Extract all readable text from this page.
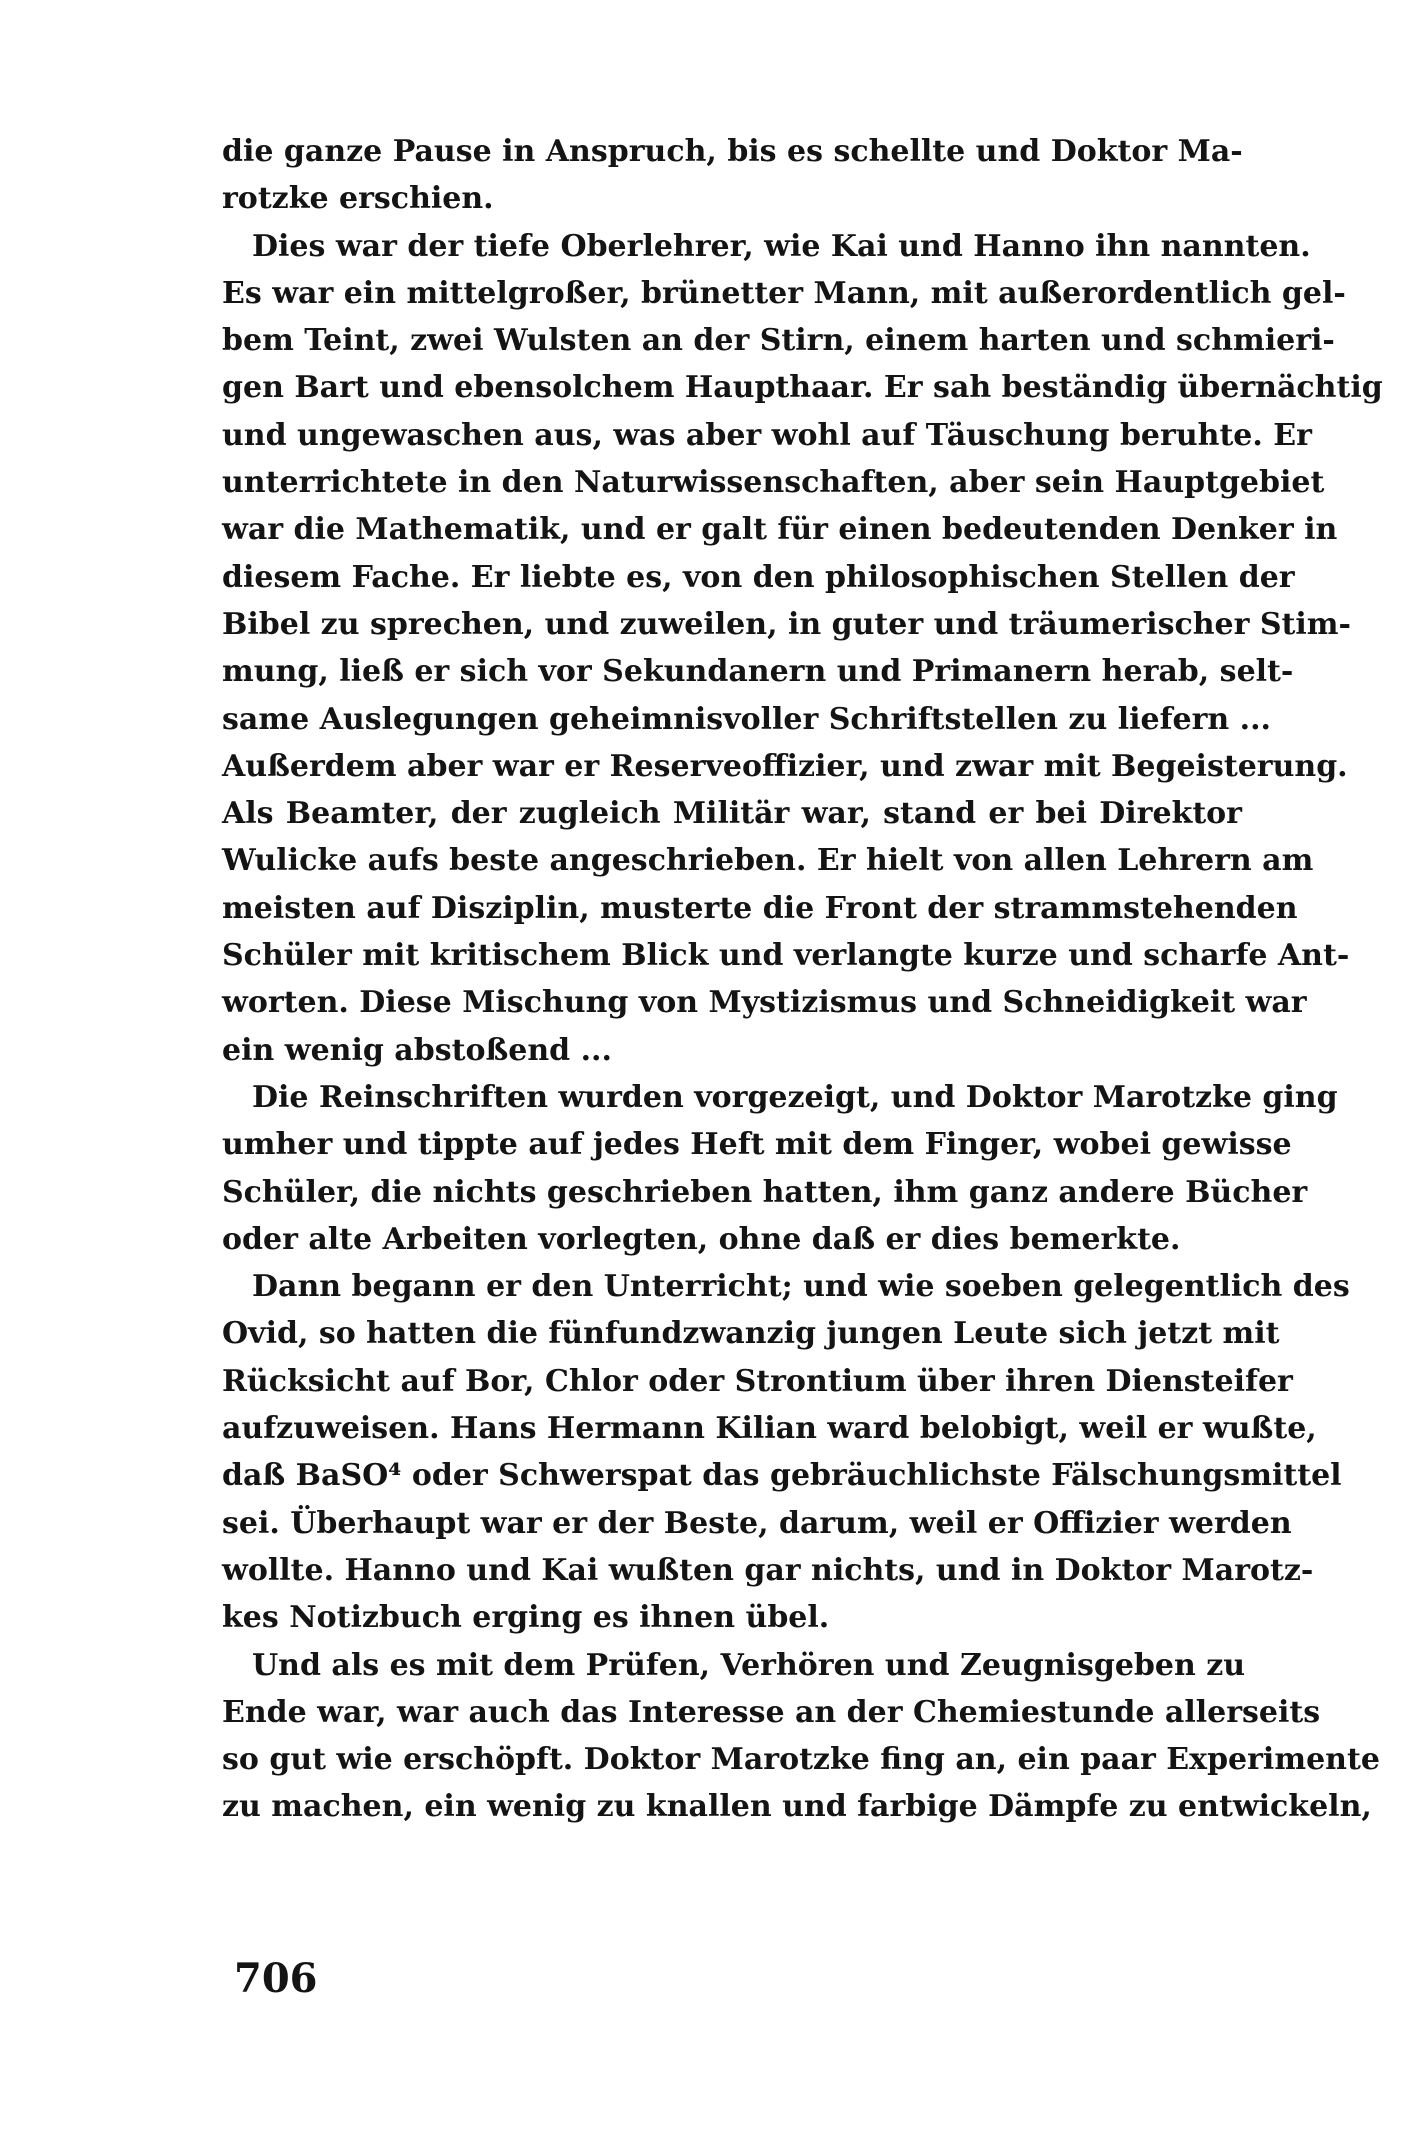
die ganze Pause in Anspruch, bis es schellte und Doktor Ma-
rotzke erschien.
Dies war der tiefe Oberlehrer, wie Kai und Hanno ihn nannten.
Es war ein mittelgroßer, brünetter Mann, mit außerordentlich gel-
bem Teint, zwei Wulsten an der Stirn, einem harten und schmieri-
gen Bart und ebensolchem Haupthaar. Er sah beständig übernächtig
und ungewaschen aus, was aber wohl auf Täuschung beruhte. Er
unterrichtete in den Naturwissenschaften, aber sein Hauptgebiet
war die Mathematik, und er galt für einen bedeutenden Denker in
diesem Fache. Er liebte es, von den philosophischen Stellen der
Bibel zu sprechen, und zuweilen, in guter und träumerischer Stim-
mung, ließ er sich vor Sekundanern und Primanern herab, selt-
same Auslegungen geheimnisvoller Schriftstellen zu liefern ...
Außerdem aber war er Reserveoffizier, und zwar mit Begeisterung.
Als Beamter, der zugleich Militär war, stand er bei Direktor
Wulicke aufs beste angeschrieben. Er hielt von allen Lehrern am
meisten auf Disziplin, musterte die Front der strammstehenden
Schüler mit kritischem Blick und verlangte kurze und scharfe Ant-
worten. Diese Mischung von Mystizismus und Schneidigkeit war
ein wenig abstoßend ...
Die Reinschriften wurden vorgezeigt, und Doktor Marotzke ging
umher und tippte auf jedes Heft mit dem Finger, wobei gewisse
Schüler, die nichts geschrieben hatten, ihm ganz andere Bücher
oder alte Arbeiten vorlegten, ohne daß er dies bemerkte.
Dann begann er den Unterricht; und wie soeben gelegentlich des
Ovid, so hatten die fünfundzwanzig jungen Leute sich jetzt mit
Rücksicht auf Bor, Chlor oder Strontium über ihren Diensteifer
aufzuweisen. Hans Hermann Kilian ward belobigt, weil er wußte,
daß BaSO⁴ oder Schwerspat das gebräuchlichste Fälschungsmittel
sei. Überhaupt war er der Beste, darum, weil er Offizier werden
wollte. Hanno und Kai wußten gar nichts, und in Doktor Marotz-
kes Notizbuch erging es ihnen übel.
Und als es mit dem Prüfen, Verhören und Zeugnisgeben zu
Ende war, war auch das Interesse an der Chemiestunde allerseits
so gut wie erschöpft. Doktor Marotzke fing an, ein paar Experimente
zu machen, ein wenig zu knallen und farbige Dämpfe zu entwickeln,
706
